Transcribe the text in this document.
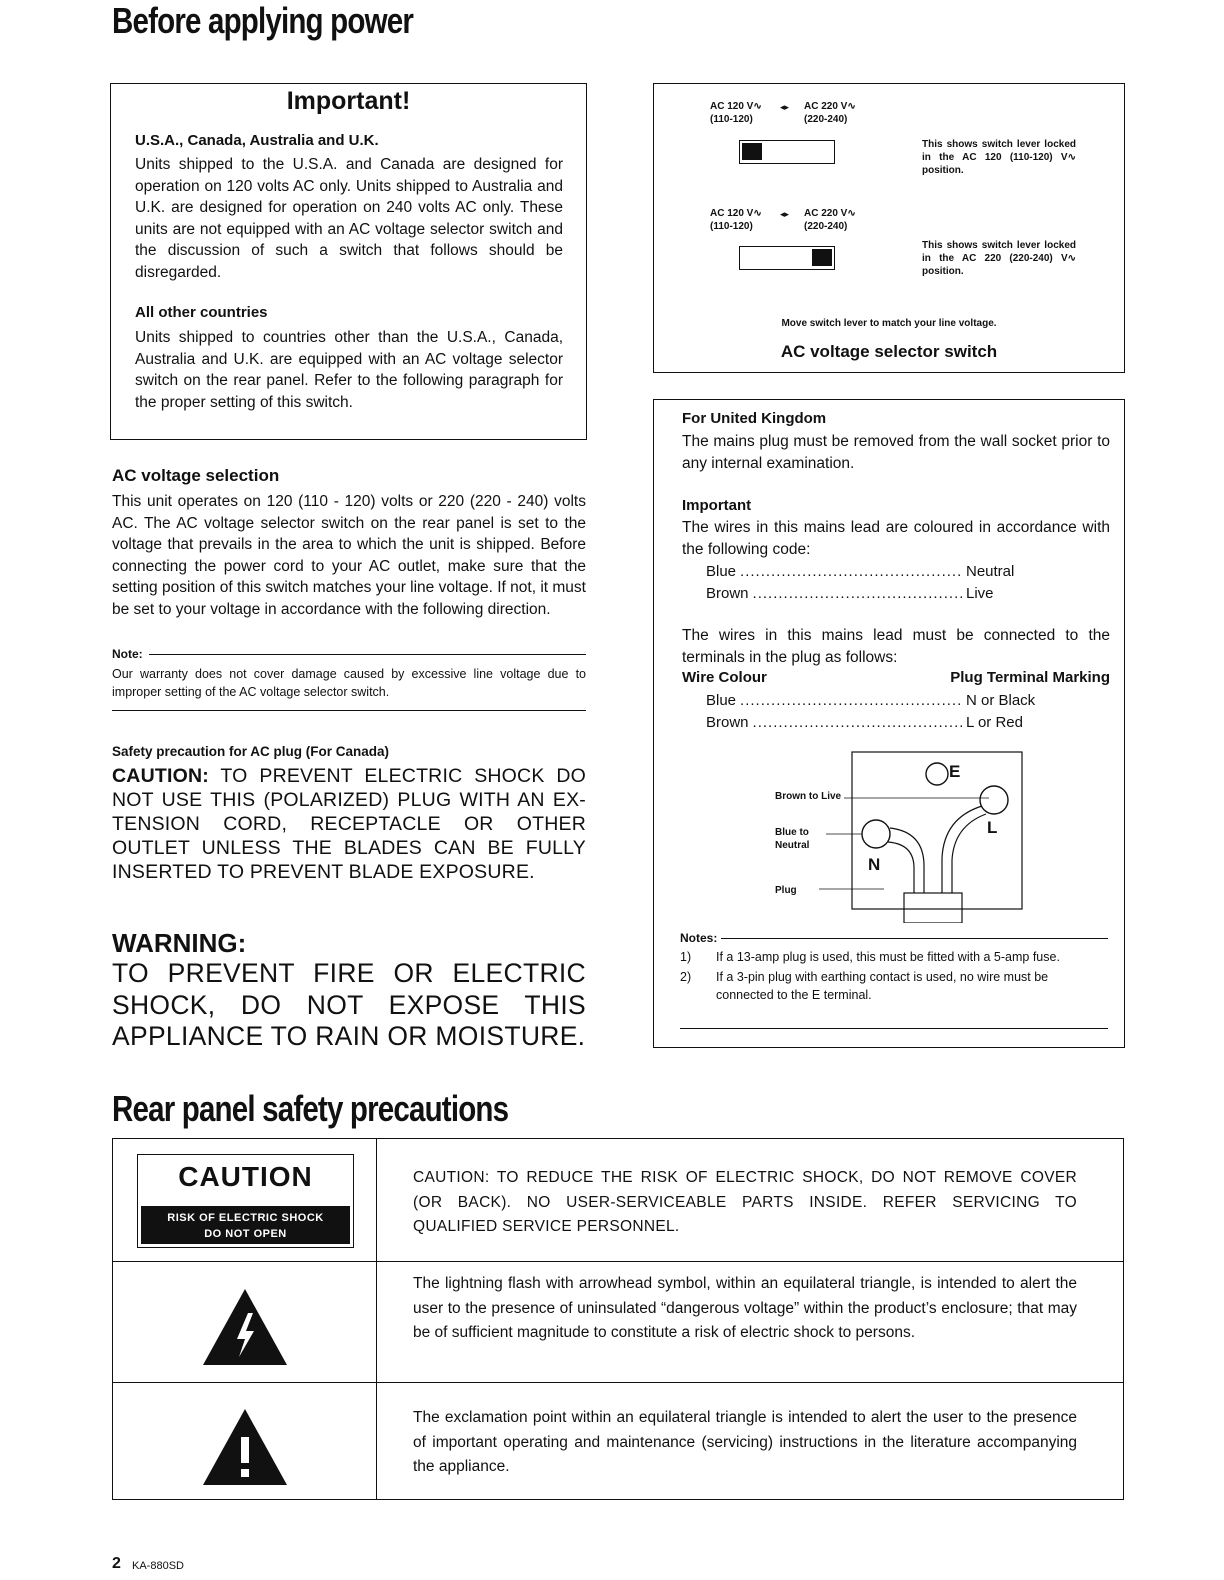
Before applying power
Important!
U.S.A., Canada, Australia and U.K.
Units shipped to the U.S.A. and Canada are designed for operation on 120 volts AC only. Units shipped to Australia and U.K. are designed for operation on 240 volts AC only. These units are not equipped with an AC voltage selector switch and the discussion of such a switch that follows should be disregarded.
All other countries
Units shipped to countries other than the U.S.A., Canada, Australia and U.K. are equipped with an AC voltage selector switch on the rear panel. Refer to the following paragraph for the proper setting of this switch.
AC voltage selection
This unit operates on 120 (110 - 120) volts or 220 (220 - 240) volts AC. The AC voltage selector switch on the rear panel is set to the voltage that prevails in the area to which the unit is shipped. Before connecting the power cord to your AC outlet, make sure that the setting position of this switch matches your line voltage. If not, it must be set to your voltage in accordance with the following direction.
Note:
Our warranty does not cover damage caused by excessive line voltage due to improper setting of the AC voltage selector switch.
Safety precaution for AC plug (For Canada)
CAUTION: TO PREVENT ELECTRIC SHOCK DO NOT USE THIS (POLARIZED) PLUG WITH AN EX-TENSION CORD, RECEPTACLE OR OTHER OUTLET UNLESS THE BLADES CAN BE FULLY INSERTED TO PREVENT BLADE EXPOSURE.
WARNING:
TO PREVENT FIRE OR ELECTRIC SHOCK, DO NOT EXPOSE THIS APPLIANCE TO RAIN OR MOISTURE.
AC 120 V∿
(110-120)
◂▸ AC 220 V∿
(220-240)
This shows switch lever locked in the AC 120 (110-120) V∿ position.
AC 120 V∿
(110-120)
◂▸ AC 220 V∿
(220-240)
This shows switch lever locked in the AC 220 (220-240) V∿ position.
Move switch lever to match your line voltage.
AC voltage selector switch
For United Kingdom
The mains plug must be removed from the wall socket prior to any internal examination.
Important
The wires in this mains lead are coloured in accordance with the following code:
Blue .....	Neutral
Brown .....	Live
The wires in this mains lead must be connected to the terminals in the plug as follows:
Wire Colour	Plug Terminal Marking
Blue .....	N or Black
Brown .....	L or Red
E
L
N
Brown to Live
Blue to Neutral
Plug
Notes:
1)	If a 13-amp plug is used, this must be fitted with a 5-amp fuse.
2)	If a 3-pin plug with earthing contact is used, no wire must be connected to the E terminal.
Rear panel safety precautions
CAUTION
RISK OF ELECTRIC SHOCK
DO NOT OPEN
CAUTION: TO REDUCE THE RISK OF ELECTRIC SHOCK, DO NOT REMOVE COVER (OR BACK). NO USER-SERVICEABLE PARTS INSIDE. REFER SERVICING TO QUALIFIED SERVICE PERSONNEL.
The lightning flash with arrowhead symbol, within an equilateral triangle, is intended to alert the user to the presence of uninsulated “dangerous voltage” within the product’s enclosure; that may be of sufficient magnitude to constitute a risk of electric shock to persons.
The exclamation point within an equilateral triangle is intended to alert the user to the presence of important operating and maintenance (servicing) instructions in the literature accompanying the appliance.
2 KA-880SD
